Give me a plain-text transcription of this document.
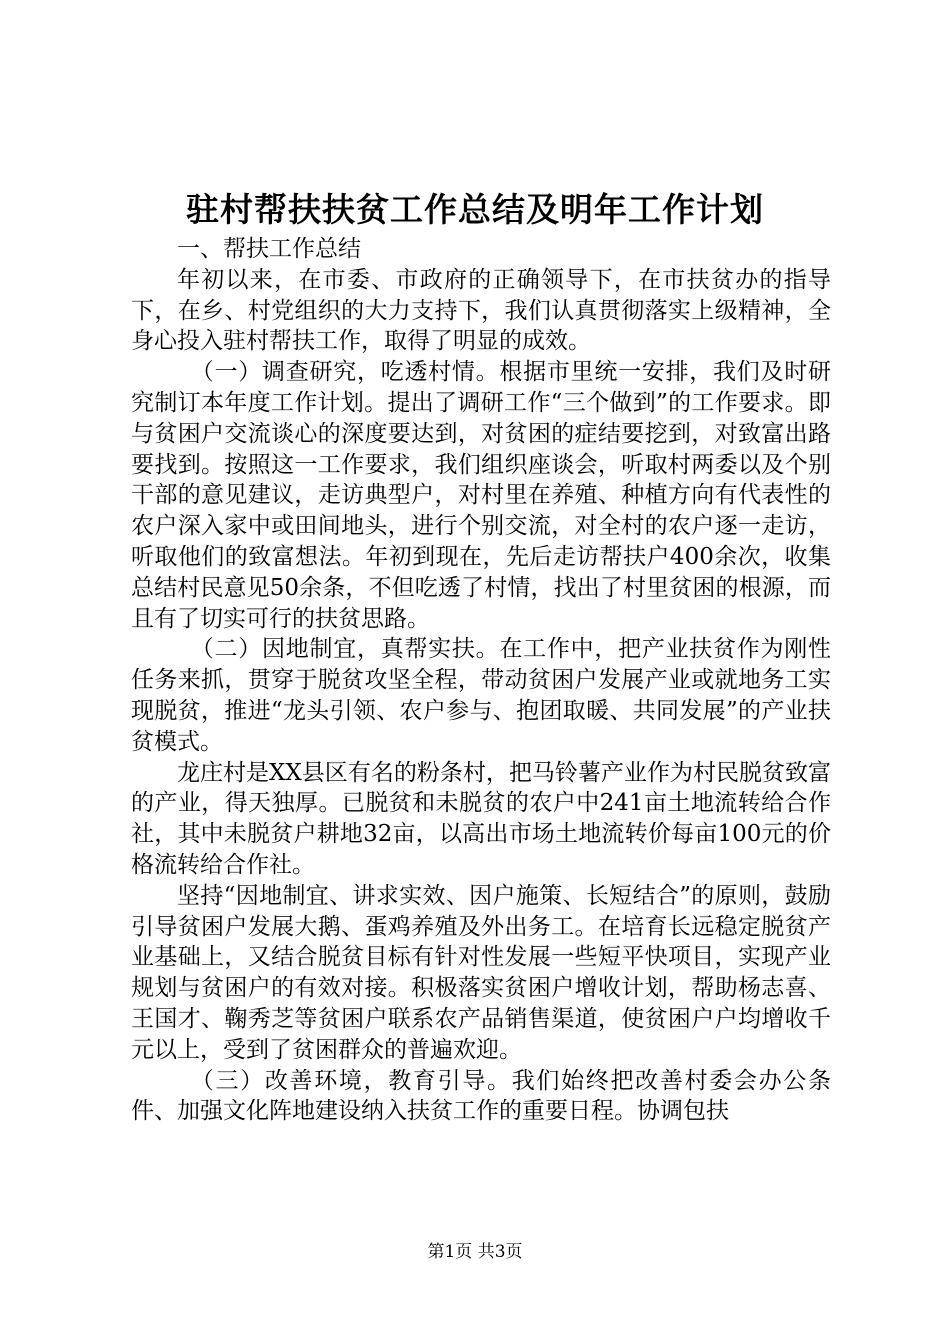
驻村帮扶扶贫工作总结及明年工作计划

一、帮扶工作总结

年初以来，在市委、市政府的正确领导下，在市扶贫办的指导下，在乡、村党组织的大力支持下，我们认真贯彻落实上级精神，全身心投入驻村帮扶工作，取得了明显的成效。

（一）调查研究，吃透村情。根据市里统一安排，我们及时研究制订本年度工作计划。提出了调研工作“三个做到”的工作要求。即与贫困户交流谈心的深度要达到，对贫困的症结要挖到，对致富出路要找到。按照这一工作要求，我们组织座谈会，听取村两委以及个别干部的意见建议，走访典型户，对村里在养殖、种植方向有代表性的农户深入家中或田间地头，进行个别交流，对全村的农户逐一走访，听取他们的致富想法。年初到现在，先后走访帮扶户400余次，收集总结村民意见50余条，不但吃透了村情，找出了村里贫困的根源，而且有了切实可行的扶贫思路。

（二）因地制宜，真帮实扶。在工作中，把产业扶贫作为刚性任务来抓，贯穿于脱贫攻坚全程，带动贫困户发展产业或就地务工实现脱贫，推进“龙头引领、农户参与、抱团取暖、共同发展”的产业扶贫模式。

龙庄村是XX县区有名的粉条村，把马铃薯产业作为村民脱贫致富的产业，得天独厚。已脱贫和未脱贫的农户中241亩土地流转给合作社，其中未脱贫户耕地32亩，以高出市场土地流转价每亩100元的价格流转给合作社。

坚持“因地制宜、讲求实效、因户施策、长短结合”的原则，鼓励引导贫困户发展大鹅、蛋鸡养殖及外出务工。在培育长远稳定脱贫产业基础上，又结合脱贫目标有针对性发展一些短平快项目，实现产业规划与贫困户的有效对接。积极落实贫困户增收计划，帮助杨志喜、王国才、鞠秀芝等贫困户联系农产品销售渠道，使贫困户户均增收千元以上，受到了贫困群众的普遍欢迎。

（三）改善环境，教育引导。我们始终把改善村委会办公条件、加强文化阵地建设纳入扶贫工作的重要日程。协调包扶

第1页 共3页
